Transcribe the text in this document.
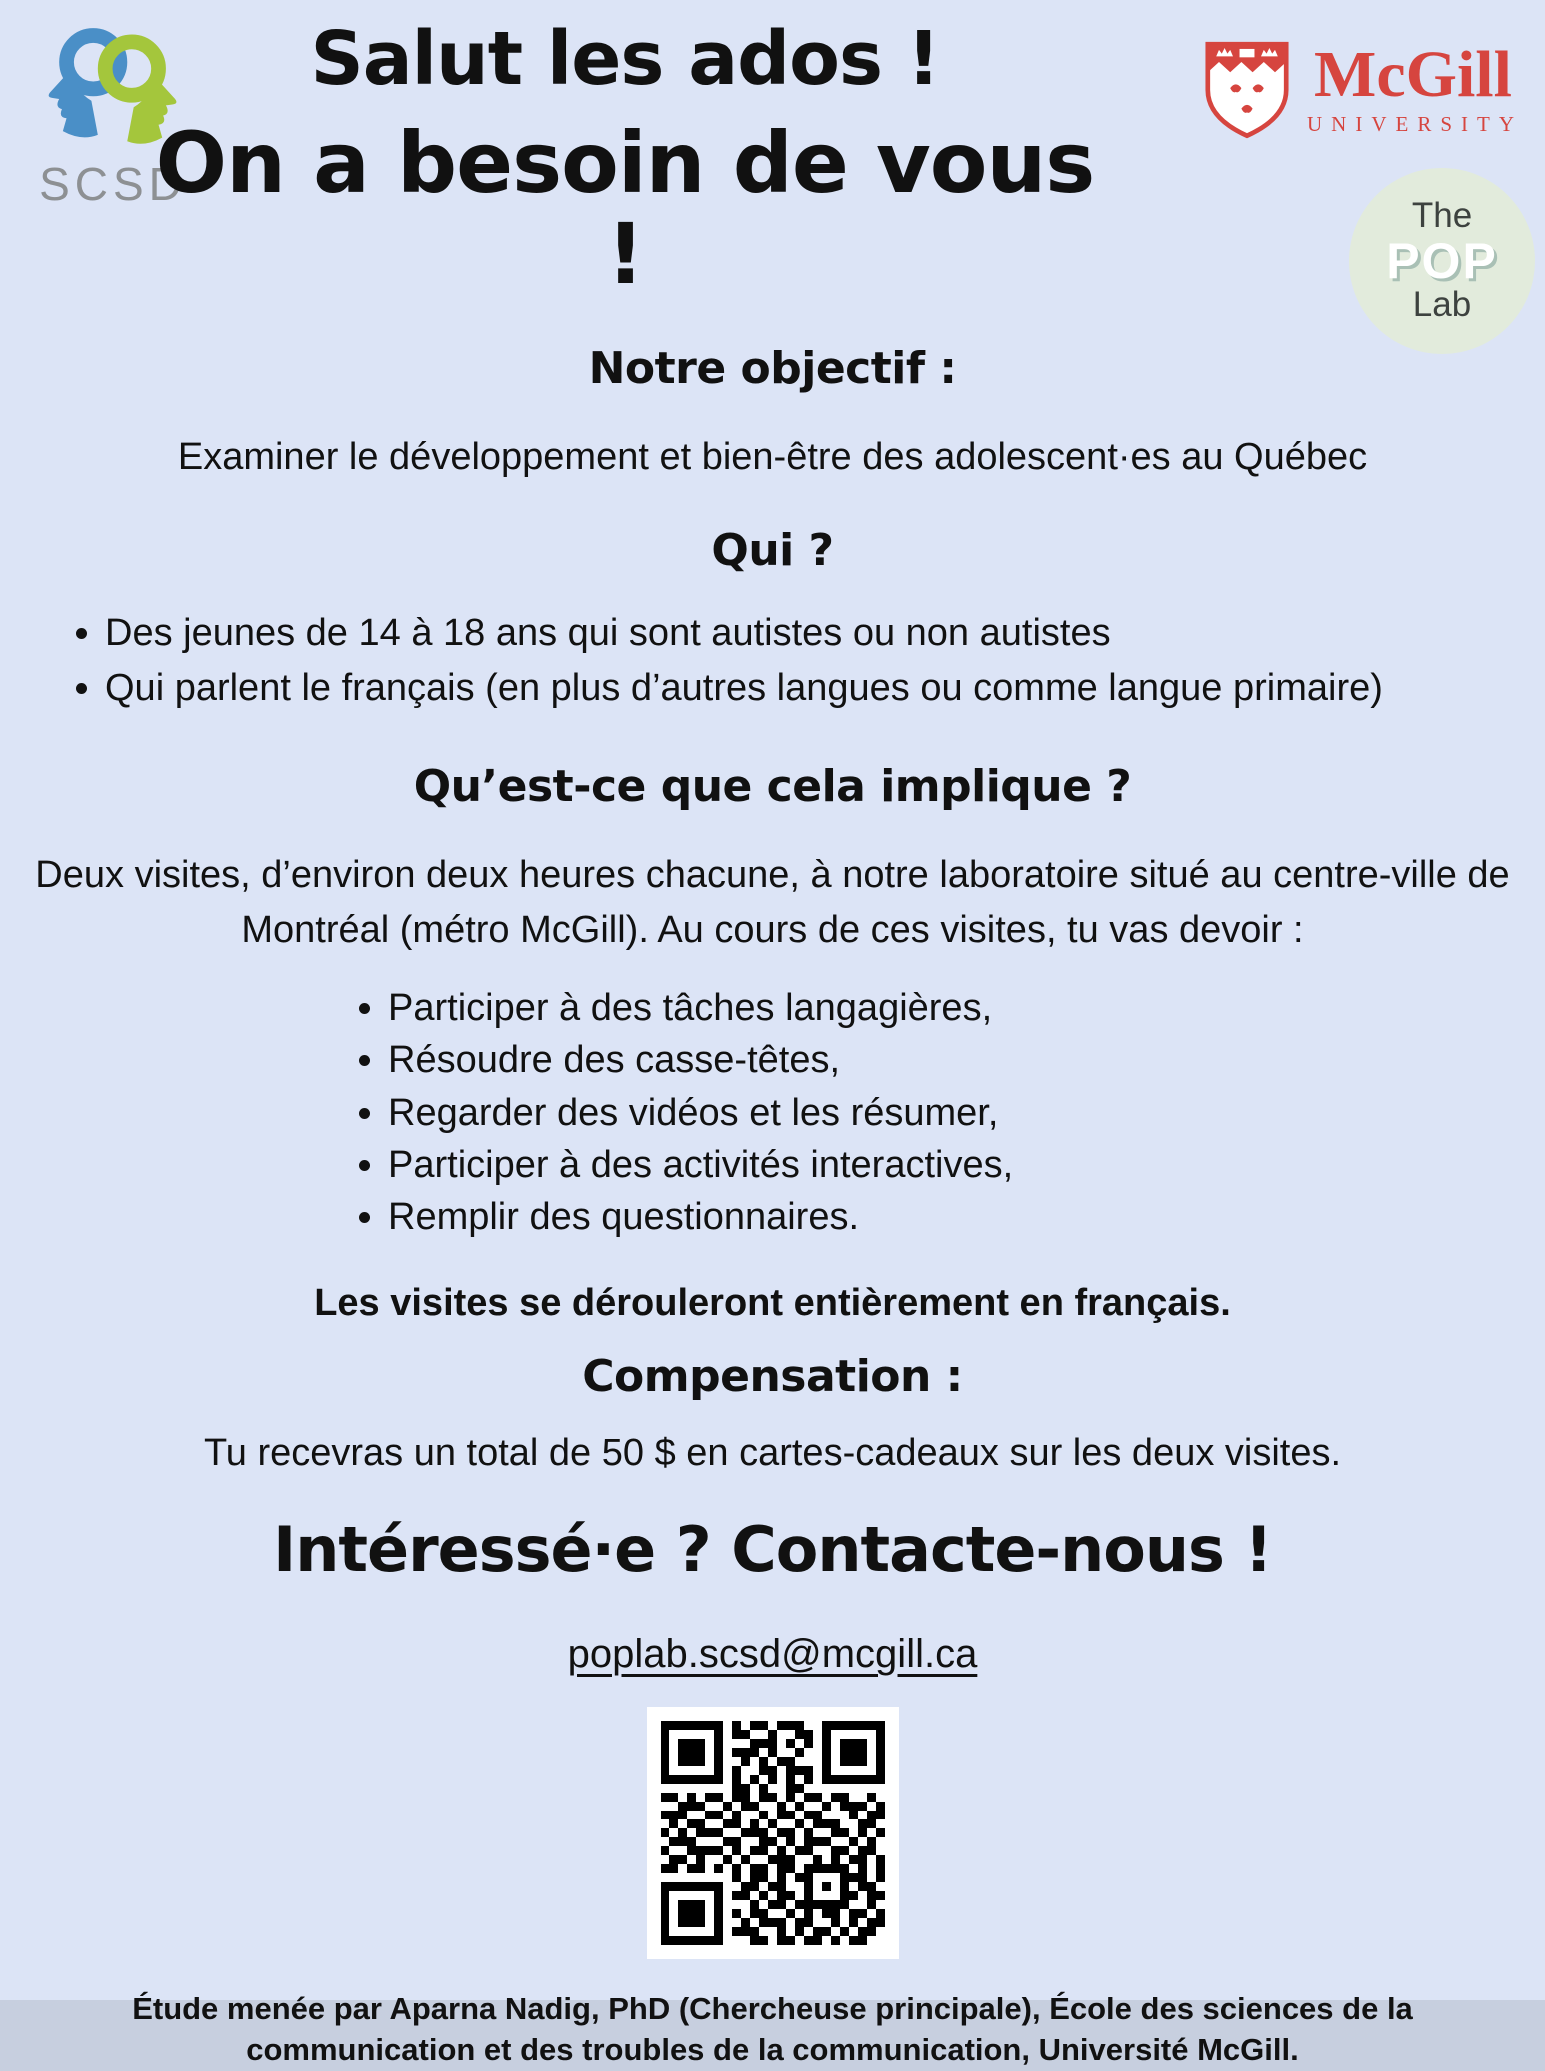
SCSD
McGill
UNIVERSITY
The
POP
Lab
Salut les ados !
On a besoin de vous !
Notre objectif :
Examiner le développement et bien-être des adolescent·es au Québec
Qui ?
• Des jeunes de 14 à 18 ans qui sont autistes ou non autistes
• Qui parlent le français (en plus d’autres langues ou comme langue primaire)
Qu’est-ce que cela implique ?
Deux visites, d’environ deux heures chacune, à notre laboratoire situé au centre-ville de Montréal (métro McGill). Au cours de ces visites, tu vas devoir :
• Participer à des tâches langagières,
• Résoudre des casse-têtes,
• Regarder des vidéos et les résumer,
• Participer à des activités interactives,
• Remplir des questionnaires.
Les visites se dérouleront entièrement en français.
Compensation :
Tu recevras un total de 50 $ en cartes-cadeaux sur les deux visites.
Intéressé·e ? Contacte-nous !
poplab.scsd@mcgill.ca
Étude menée par Aparna Nadig, PhD (Chercheuse principale), École des sciences de la communication et des troubles de la communication, Université McGill.
